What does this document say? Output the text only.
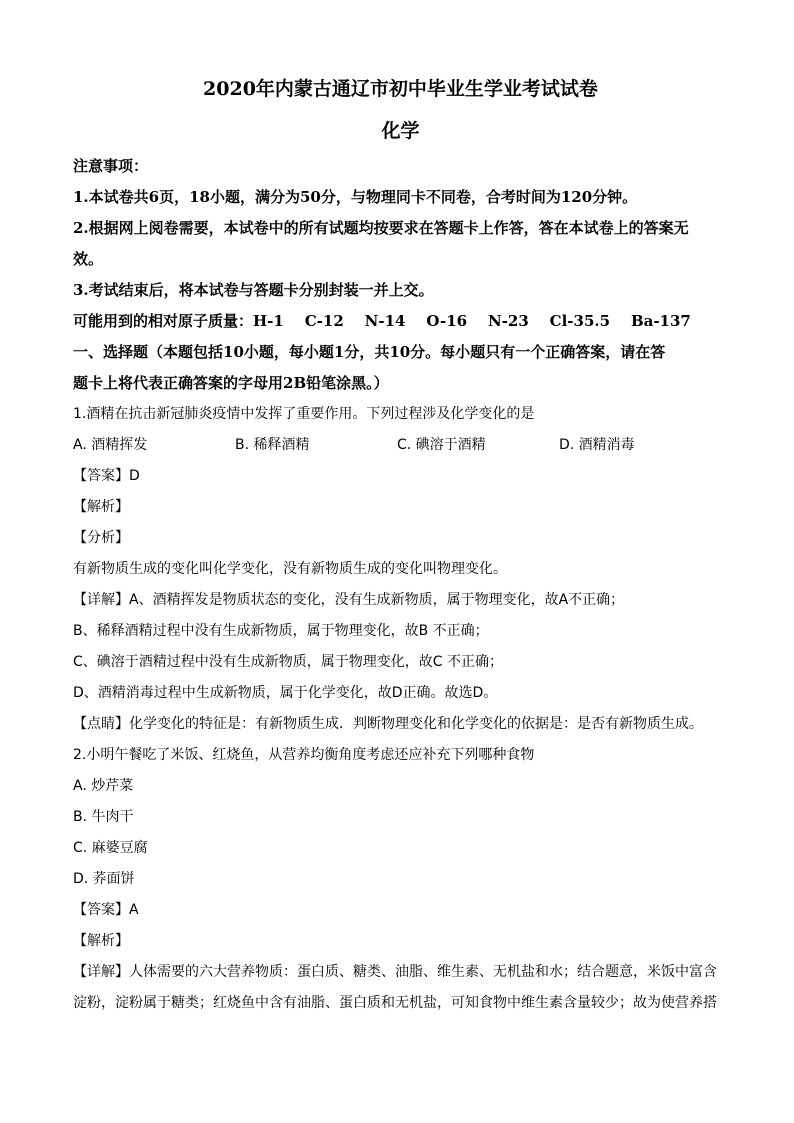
2020年内蒙古通辽市初中毕业生学业考试试卷
化学
注意事项：
1.本试卷共6页，18小题，满分为50分，与物理同卡不同卷，合考时间为120分钟。
2.根据网上阅卷需要，本试卷中的所有试题均按要求在答题卡上作答，答在本试卷上的答案无
效。
3.考试结束后，将本试卷与答题卡分别封装一并上交。
可能用到的相对原子质量：H-1    C-12    N-14    O-16    N-23    Cl-35.5    Ba-137
一、选择题（本题包括10小题，每小题1分，共10分。每小题只有一个正确答案，请在答
题卡上将代表正确答案的字母用2B铅笔涂黑。）
1.酒精在抗击新冠肺炎疫情中发挥了重要作用。下列过程涉及化学变化的是
A. 酒精挥发	B. 稀释酒精	C. 碘溶于酒精	D. 酒精消毒
【答案】D
【解析】
【分析】
有新物质生成的变化叫化学变化，没有新物质生成的变化叫物理变化。
【详解】A、酒精挥发是物质状态的变化，没有生成新物质，属于物理变化，故A不正确；
B、稀释酒精过程中没有生成新物质，属于物理变化，故B 不正确；
C、碘溶于酒精过程中没有生成新物质，属于物理变化，故C 不正确；
D、酒精消毒过程中生成新物质，属于化学变化，故D正确。故选D。
【点睛】化学变化的特征是：有新物质生成．判断物理变化和化学变化的依据是：是否有新物质生成。
2.小明午餐吃了米饭、红烧鱼，从营养均衡角度考虑还应补充下列哪种食物
A. 炒芹菜
B. 牛肉干
C. 麻婆豆腐
D. 荞面饼
【答案】A
【解析】
【详解】人体需要的六大营养物质：蛋白质、糖类、油脂、维生素、无机盐和水；结合题意，米饭中富含
淀粉，淀粉属于糖类；红烧鱼中含有油脂、蛋白质和无机盐，可知食物中维生素含量较少；故为使营养搭
